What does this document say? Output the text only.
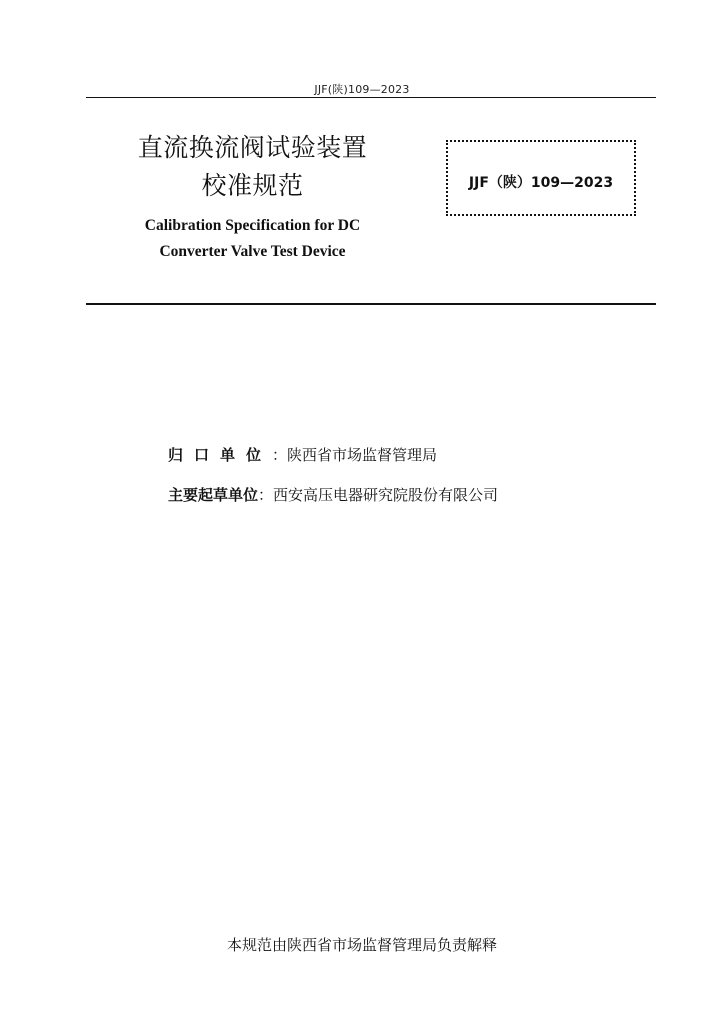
JJF(陕)109—2023
直流换流阀试验装置
校准规范
Calibration Specification for DC
Converter Valve Test Device
JJF（陕）109—2023
归口单位：陕西省市场监督管理局
主要起草单位：西安高压电器研究院股份有限公司
本规范由陕西省市场监督管理局负责解释
